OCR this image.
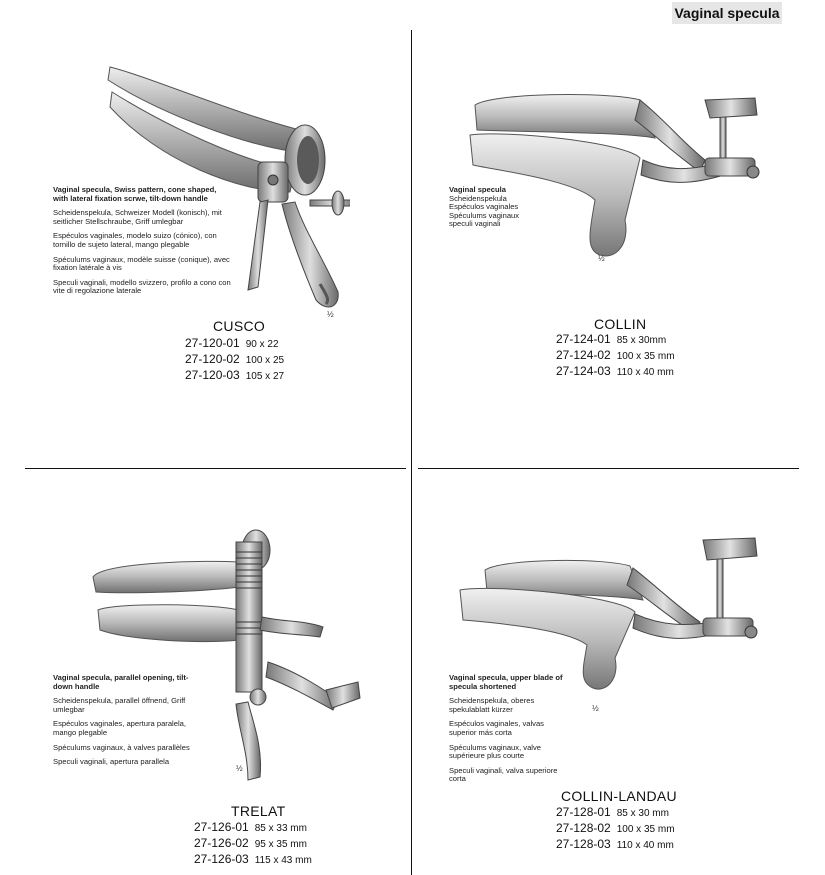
Vaginal specula

Vaginal specula, Swiss pattern, cone shaped, with lateral fixation scrwe, tilt-down handle

Scheidenspekula, Schweizer Modell (konisch), mit seitlicher Stellschraube, Griff umlegbar

Espéculos vaginales, modelo suizo (cónico), con tornillo de sujeto lateral, mango plegable

Spéculums vaginaux, modèle suisse (conique), avec fixation latérale à vis

Speculi vaginali, modello svizzero, profilo a cono con vite di regolazione laterale

½
CUSCO
27-120-01 90 x 22
27-120-02 100 x 25
27-120-03 105 x 27

Vaginal specula

Scheidenspekula

Espéculos vaginales

Spéculums vaginaux

speculi vaginali

½
COLLIN
27-124-01 85 x 30mm
27-124-02 100 x 35 mm
27-124-03 110 x 40 mm

Vaginal specula, parallel opening, tilt-down handle

Scheidenspekula, parallel öffnend, Griff umlegbar

Espéculos vaginales, apertura paralela, mango plegable

Spéculums vaginaux, à valves parallèles

Speculi vaginali, apertura parallela

½
TRELAT
27-126-01 85 x 33 mm
27-126-02 95 x 35 mm
27-126-03 115 x 43 mm

Vaginal specula, upper blade of specula shortened

Scheidenspekula, oberes spekulablatt kürzer

Espéculos vaginales, valvas superior más corta

Spéculums vaginaux, valve supérieure plus courte

Speculi vaginali, valva superiore corta

½
COLLIN-LANDAU
27-128-01 85 x 30 mm
27-128-02 100 x 35 mm
27-128-03 110 x 40 mm
